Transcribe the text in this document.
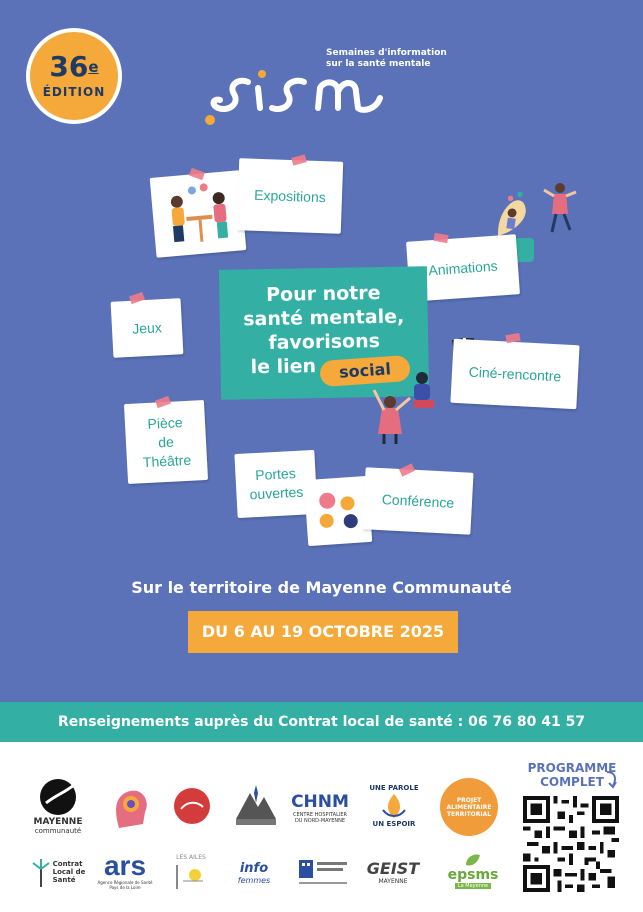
36e
ÉDITION
Semaines d'information
sur la santé mentale
Expositions
Animations
Jeux
Pour notre
santé mentale,
favorisons
le lien	social	Ciné-rencontre
Pièce
de
Théâtre
Portes
ouvertes	Conférence
Sur le territoire de Mayenne Communauté
DU 6 AU 19 OCTOBRE 2025
Renseignements auprès du Contrat local de santé : 06 76 80 41 57
MAYENNE
communauté
CHNM
CENTRE HOSPITALIER DU NORD-MAYENNE
UNE PAROLE
UN ESPOIR
PROJET ALIMENTAIRE TERRITORIAL
Contrat
Local de
Santé	ars
Agence Régionale de Santé Pays de la Loire
LES AILES
info
femmes
GEIST
MAYENNE	epsms
La Mayenne
PROGRAMME
COMPLET
